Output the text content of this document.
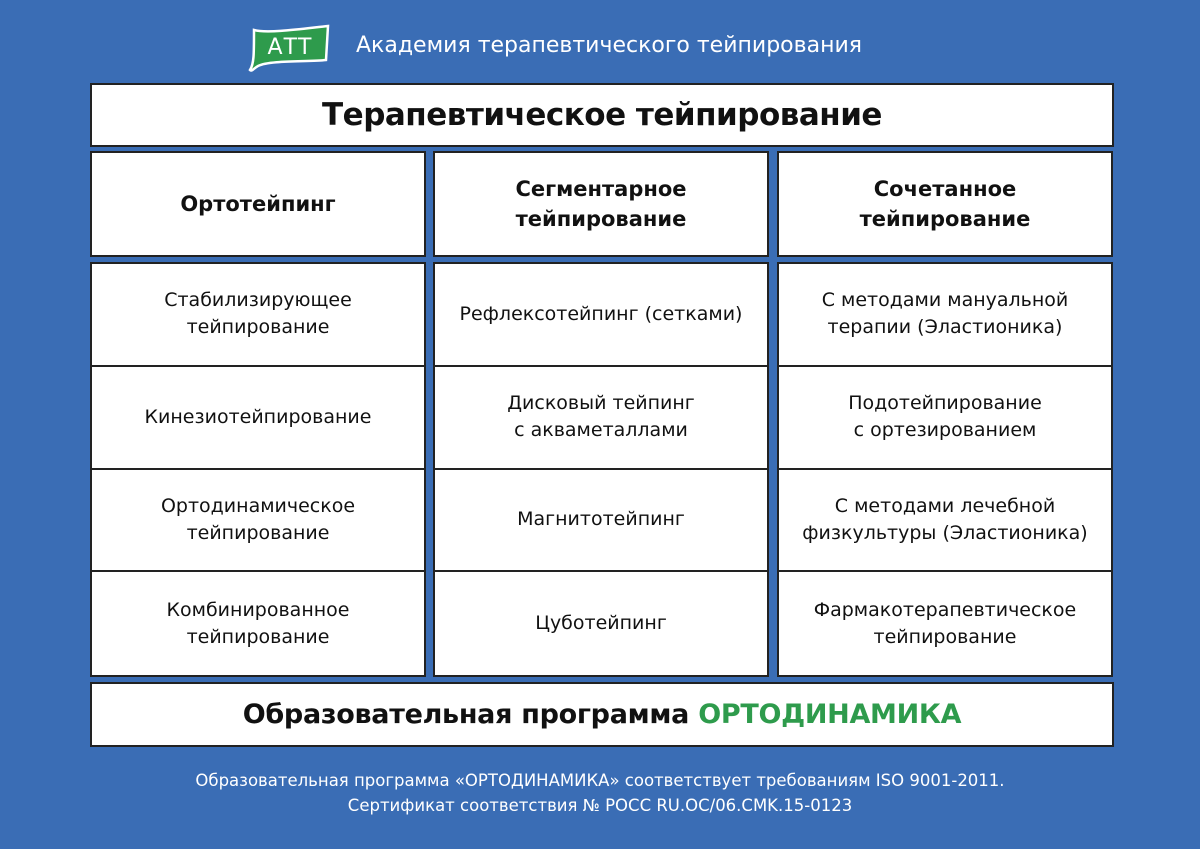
АТТ Академия терапевтического тейпирования
Терапевтическое тейпирование
Ортотейпинг
Сегментарное
тейпирование
Сочетанное
тейпирование
Стабилизирующее
тейпирование
Кинезиотейпирование
Ортодинамическое
тейпирование
Комбинированное
тейпирование
Рефлексотейпинг (сетками)
Дисковый тейпинг
с акваметаллами
Магнитотейпинг
Цуботейпинг
С методами мануальной
терапии (Эластионика)
Подотейпирование
с ортезированием
С методами лечебной
физкультуры (Эластионика)
Фармакотерапевтическое
тейпирование
Образовательная программа ОРТОДИНАМИКА
Образовательная программа «ОРТОДИНАМИКА» соответствует требованиям ISO 9001-2011.
Сертификат соответствия № РОСС RU.OC/06.CMK.15-0123
